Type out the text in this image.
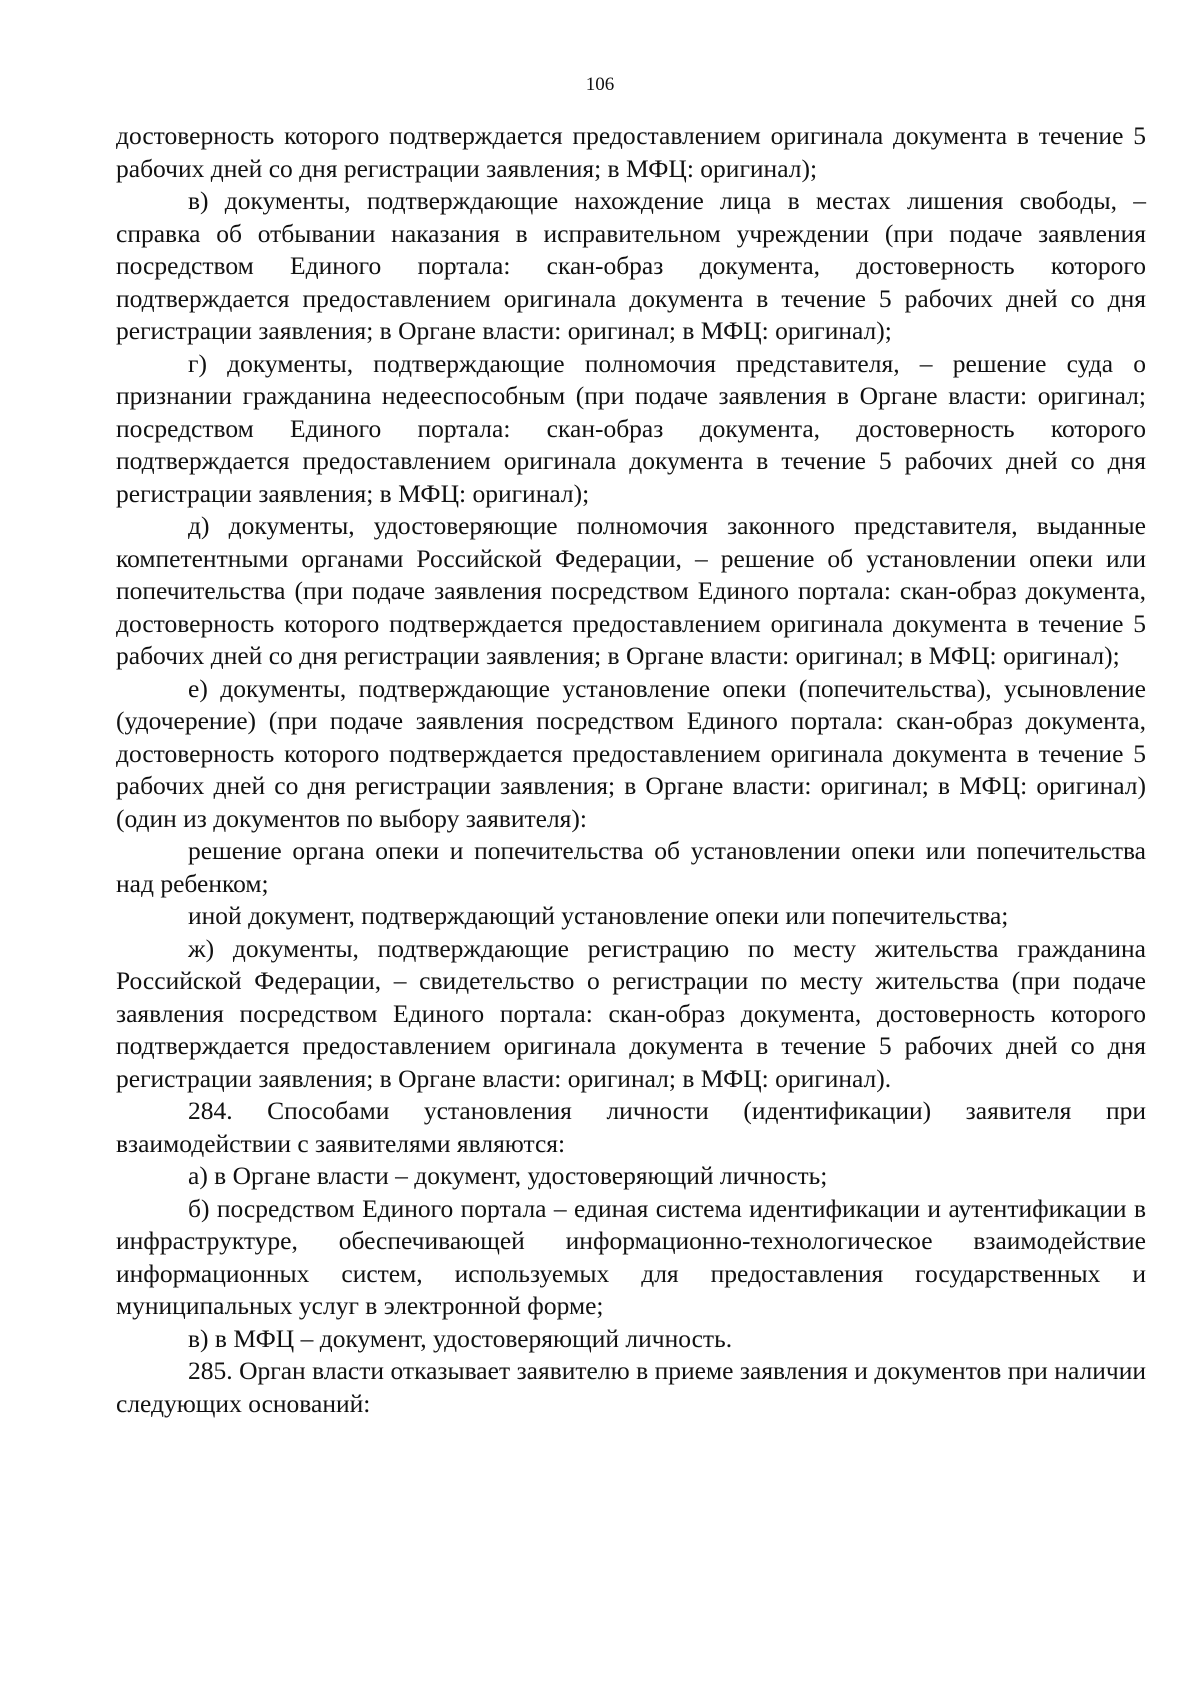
106

достоверность которого подтверждается предоставлением оригинала документа в течение 5 рабочих дней со дня регистрации заявления; в МФЦ: оригинал);

в) документы, подтверждающие нахождение лица в местах лишения свободы, – справка об отбывании наказания в исправительном учреждении (при подаче заявления посредством Единого портала: скан-образ документа, достоверность которого подтверждается предоставлением оригинала документа в течение 5 рабочих дней со дня регистрации заявления; в Органе власти: оригинал; в МФЦ: оригинал);

г) документы, подтверждающие полномочия представителя, – решение суда о признании гражданина недееспособным (при подаче заявления в Органе власти: оригинал; посредством Единого портала: скан-образ документа, достоверность которого подтверждается предоставлением оригинала документа в течение 5 рабочих дней со дня регистрации заявления; в МФЦ: оригинал);

д) документы, удостоверяющие полномочия законного представителя, выданные компетентными органами Российской Федерации, – решение об установлении опеки или попечительства (при подаче заявления посредством Единого портала: скан-образ документа, достоверность которого подтверждается предоставлением оригинала документа в течение 5 рабочих дней со дня регистрации заявления; в Органе власти: оригинал; в МФЦ: оригинал);

е) документы, подтверждающие установление опеки (попечительства), усыновление (удочерение) (при подаче заявления посредством Единого портала: скан-образ документа, достоверность которого подтверждается предоставлением оригинала документа в течение 5 рабочих дней со дня регистрации заявления; в Органе власти: оригинал; в МФЦ: оригинал) (один из документов по выбору заявителя):

решение органа опеки и попечительства об установлении опеки или попечительства над ребенком;

иной документ, подтверждающий установление опеки или попечительства;

ж) документы, подтверждающие регистрацию по месту жительства гражданина Российской Федерации, – свидетельство о регистрации по месту жительства (при подаче заявления посредством Единого портала: скан-образ документа, достоверность которого подтверждается предоставлением оригинала документа в течение 5 рабочих дней со дня регистрации заявления; в Органе власти: оригинал; в МФЦ: оригинал).

284. Способами установления личности (идентификации) заявителя при взаимодействии с заявителями являются:

а) в Органе власти – документ, удостоверяющий личность;

б) посредством Единого портала – единая система идентификации и аутентификации в инфраструктуре, обеспечивающей информационно-технологическое взаимодействие информационных систем, используемых для предоставления государственных и муниципальных услуг в электронной форме;

в) в МФЦ – документ, удостоверяющий личность.

285. Орган власти отказывает заявителю в приеме заявления и документов при наличии следующих оснований:
